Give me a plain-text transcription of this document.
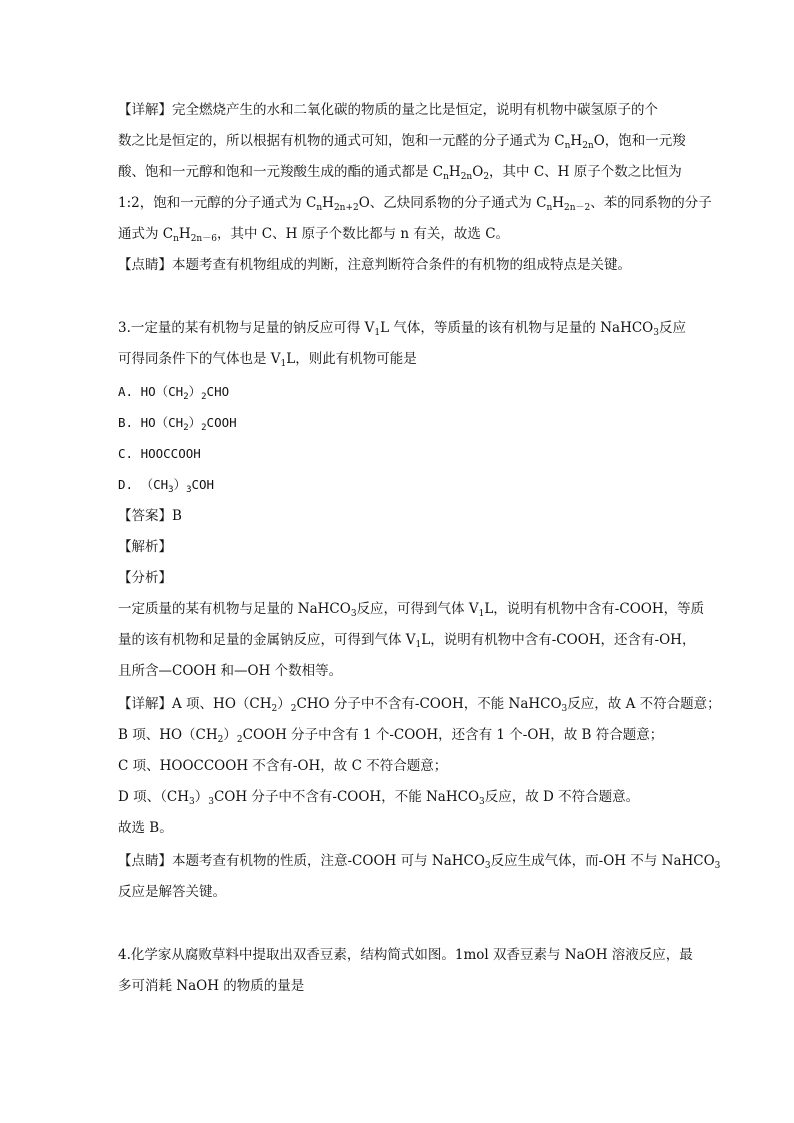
【详解】完全燃烧产生的水和二氧化碳的物质的量之比是恒定，说明有机物中碳氢原子的个
数之比是恒定的，所以根据有机物的通式可知，饱和一元醛的分子通式为 $C_nH_{2n}O$，饱和一元羧
酸、饱和一元醇和饱和一元羧酸生成的酯的通式都是 $C_nH_{2n}O_2$，其中 C、H 原子个数之比恒为
1:2，饱和一元醇的分子通式为 $C_nH_{2n+2}O$、乙炔同系物的分子通式为 $C_nH_{2n-2}$、苯的同系物的分子
通式为 $C_nH_{2n-6}$，其中 C、H 原子个数比都与 n 有关，故选 C。
【点睛】本题考查有机物组成的判断，注意判断符合条件的有机物的组成特点是关键。
3.一定量的某有机物与足量的钠反应可得 $V_1L$ 气体，等质量的该有机物与足量的 NaHCO$_3$反应
可得同条件下的气体也是 $V_1L$，则此有机物可能是
A. $HO(CH_2)_2CHO$
B. $HO(CH_2)_2COOH$
C. HOOCCOOH
D. $(CH_3)_3COH$
【答案】B
【解析】
【分析】
一定质量的某有机物与足量的 NaHCO$_3$反应，可得到气体 $V_1L$，说明有机物中含有-COOH，等质
量的该有机物和足量的金属钠反应，可得到气体 $V_1L$，说明有机物中含有-COOH，还含有-OH，
且所含—COOH 和—OH 个数相等。
【详解】A 项、$HO(CH_2)_2CHO$ 分子中不含有-COOH，不能 NaHCO$_3$反应，故 A 不符合题意；
B 项、$HO(CH_2)_2COOH$ 分子中含有 1 个-COOH，还含有 1 个-OH，故 B 符合题意；
C 项、HOOCCOOH 不含有-OH，故 C 不符合题意；
D 项、$(CH_3)_3COH$ 分子中不含有-COOH，不能 NaHCO$_3$反应，故 D 不符合题意。
故选 B。
【点睛】本题考查有机物的性质，注意-COOH 可与 NaHCO$_3$反应生成气体，而-OH 不与 NaHCO$_3$
反应是解答关键。
4.化学家从腐败草料中提取出双香豆素，结构简式如图。1mol 双香豆素与 NaOH 溶液反应，最
多可消耗 NaOH 的物质的量是
